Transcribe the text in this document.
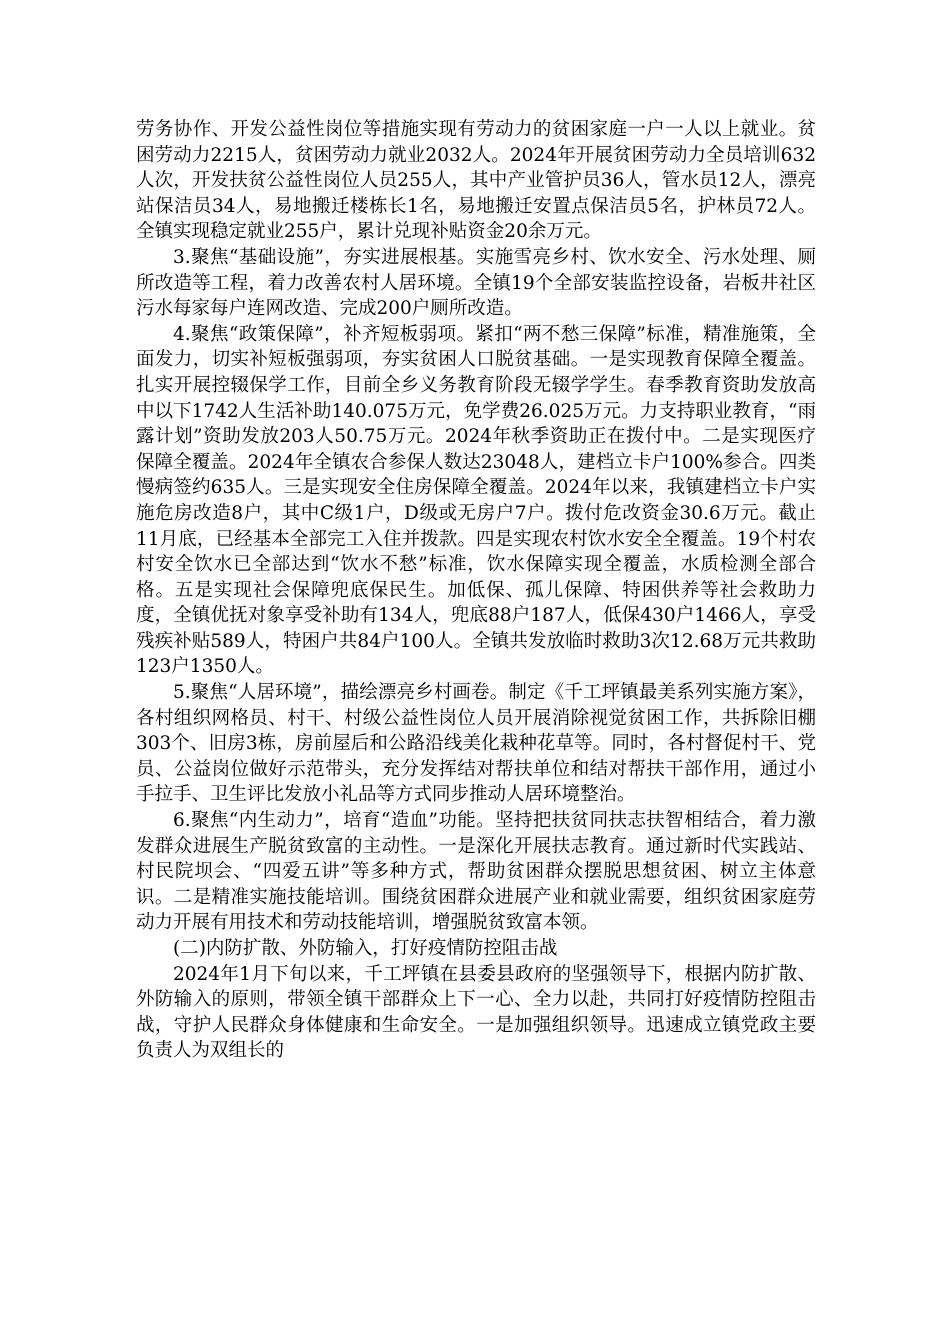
劳务协作、开发公益性岗位等措施实现有劳动力的贫困家庭一户一人以上就业。贫困劳动力2215人，贫困劳动力就业2032人。2024年开展贫困劳动力全员培训632人次，开发扶贫公益性岗位人员255人，其中产业管护员36人，管水员12人，漂亮站保洁员34人，易地搬迁楼栋长1名，易地搬迁安置点保洁员5名，护林员72人。全镇实现稳定就业255户，累计兑现补贴资金20余万元。

3.聚焦“基础设施”，夯实进展根基。实施雪亮乡村、饮水安全、污水处理、厕所改造等工程，着力改善农村人居环境。全镇19个全部安装监控设备，岩板井社区污水每家每户连网改造、完成200户厕所改造。

4.聚焦“政策保障”，补齐短板弱项。紧扣“两不愁三保障”标准，精准施策，全面发力，切实补短板强弱项，夯实贫困人口脱贫基础。一是实现教育保障全覆盖。扎实开展控辍保学工作，目前全乡义务教育阶段无辍学学生。春季教育资助发放高中以下1742人生活补助140.075万元，免学费26.025万元。力支持职业教育，“雨露计划”资助发放203人50.75万元。2024年秋季资助正在拨付中。二是实现医疗保障全覆盖。2024年全镇农合参保人数达23048人，建档立卡户100%参合。四类慢病签约635人。三是实现安全住房保障全覆盖。2024年以来，我镇建档立卡户实施危房改造8户，其中C级1户，D级或无房户7户。拨付危改资金30.6万元。截止11月底，已经基本全部完工入住并拨款。四是实现农村饮水安全全覆盖。19个村农村安全饮水已全部达到“饮水不愁”标准，饮水保障实现全覆盖，水质检测全部合格。五是实现社会保障兜底保民生。加低保、孤儿保障、特困供养等社会救助力度，全镇优抚对象享受补助有134人，兜底88户187人，低保430户1466人，享受残疾补贴589人，特困户共84户100人。全镇共发放临时救助3次12.68万元共救助123户1350人。

5.聚焦“人居环境”，描绘漂亮乡村画卷。制定《千工坪镇最美系列实施方案》，各村组织网格员、村干、村级公益性岗位人员开展消除视觉贫困工作，共拆除旧棚303个、旧房3栋，房前屋后和公路沿线美化栽种花草等。同时，各村督促村干、党员、公益岗位做好示范带头，充分发挥结对帮扶单位和结对帮扶干部作用，通过小手拉手、卫生评比发放小礼品等方式同步推动人居环境整治。

6.聚焦“内生动力”，培育“造血”功能。坚持把扶贫同扶志扶智相结合，着力激发群众进展生产脱贫致富的主动性。一是深化开展扶志教育。通过新时代实践站、村民院坝会、“四爱五讲”等多种方式，帮助贫困群众摆脱思想贫困、树立主体意识。二是精准实施技能培训。围绕贫困群众进展产业和就业需要，组织贫困家庭劳动力开展有用技术和劳动技能培训，增强脱贫致富本领。

(二)内防扩散、外防输入，打好疫情防控阻击战

2024年1月下旬以来，千工坪镇在县委县政府的坚强领导下，根据内防扩散、外防输入的原则，带领全镇干部群众上下一心、全力以赴，共同打好疫情防控阻击战，守护人民群众身体健康和生命安全。一是加强组织领导。迅速成立镇党政主要负责人为双组长的
